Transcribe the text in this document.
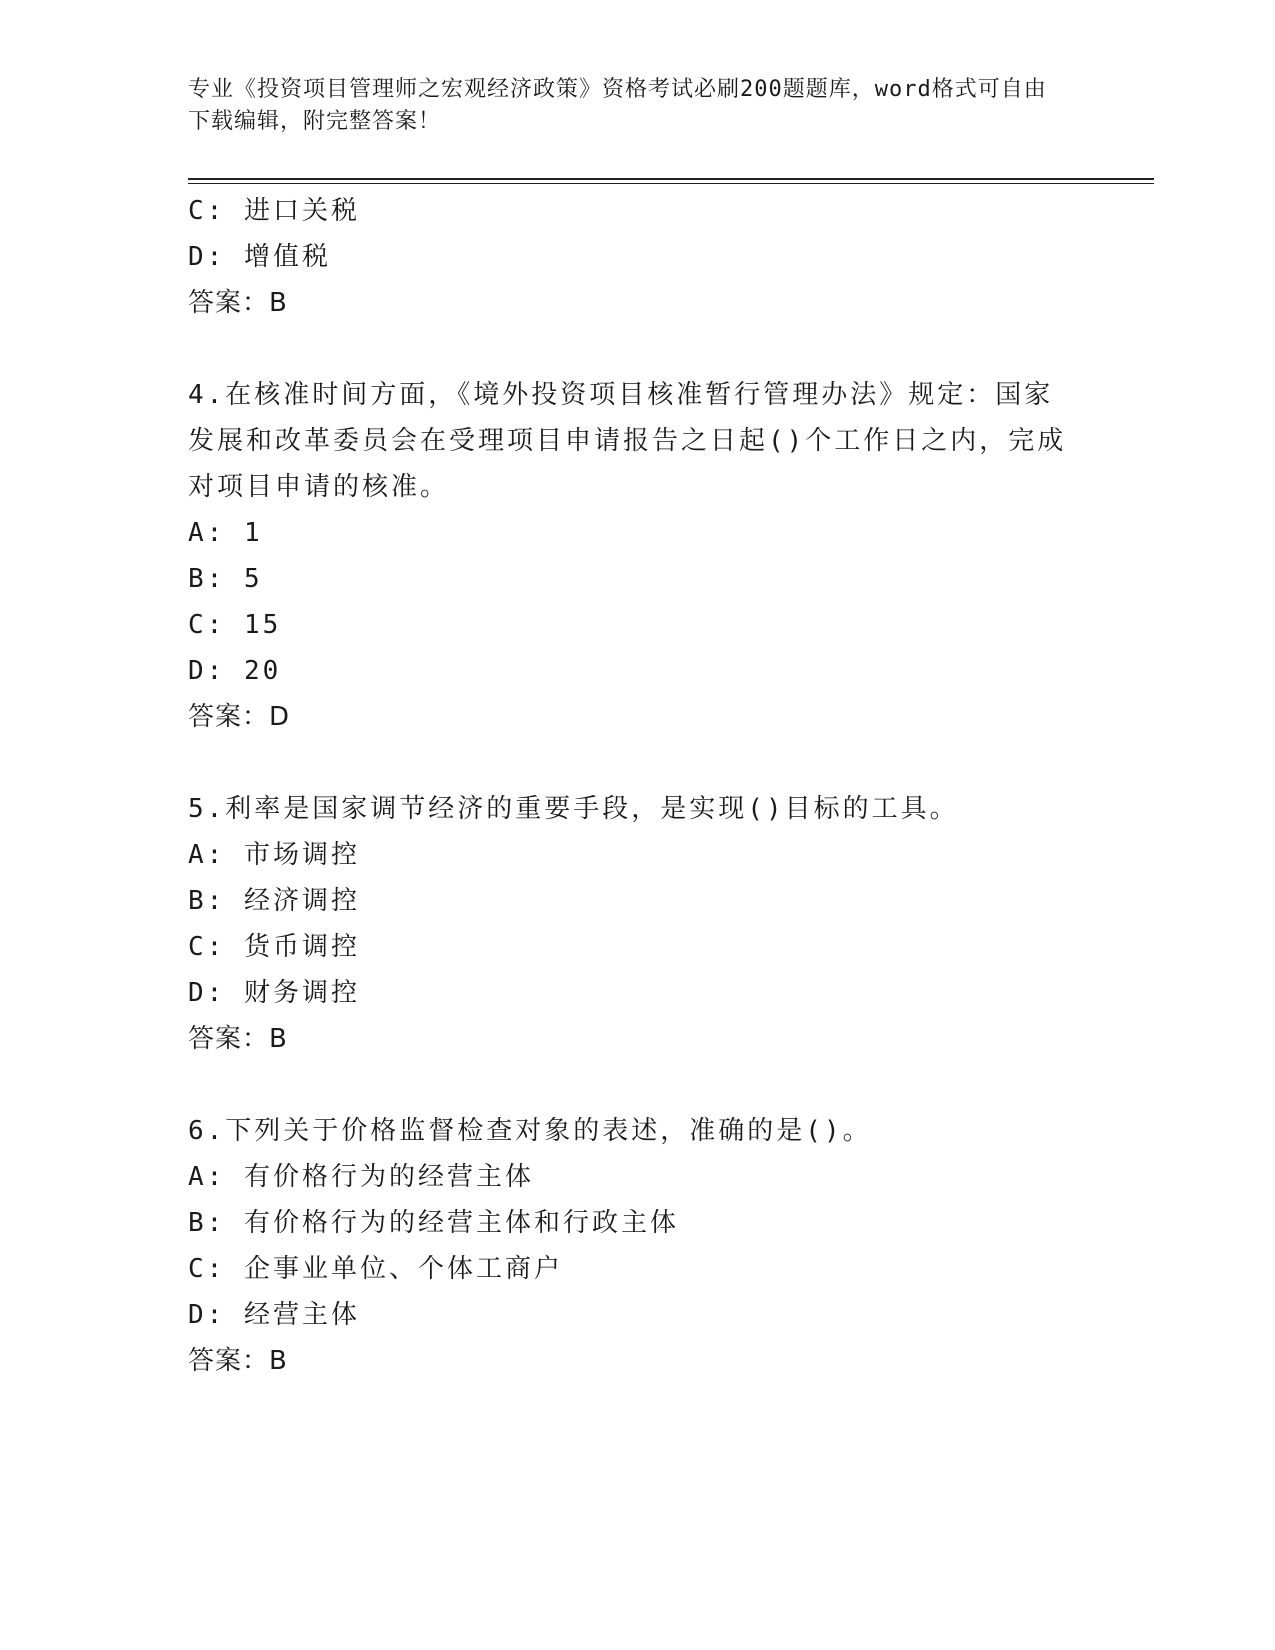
专业《投资项目管理师之宏观经济政策》资格考试必刷200题题库，word格式可自由下载编辑，附完整答案！
C: 进口关税
D: 增值税
答案：B
4.在核准时间方面，《境外投资项目核准暂行管理办法》规定：国家发展和改革委员会在受理项目申请报告之日起()个工作日之内，完成对项目申请的核准。
A: 1
B: 5
C: 15
D: 20
答案：D
5.利率是国家调节经济的重要手段，是实现()目标的工具。
A: 市场调控
B: 经济调控
C: 货币调控
D: 财务调控
答案：B
6.下列关于价格监督检查对象的表述，准确的是()。
A: 有价格行为的经营主体
B: 有价格行为的经营主体和行政主体
C: 企事业单位、个体工商户
D: 经营主体
答案：B
